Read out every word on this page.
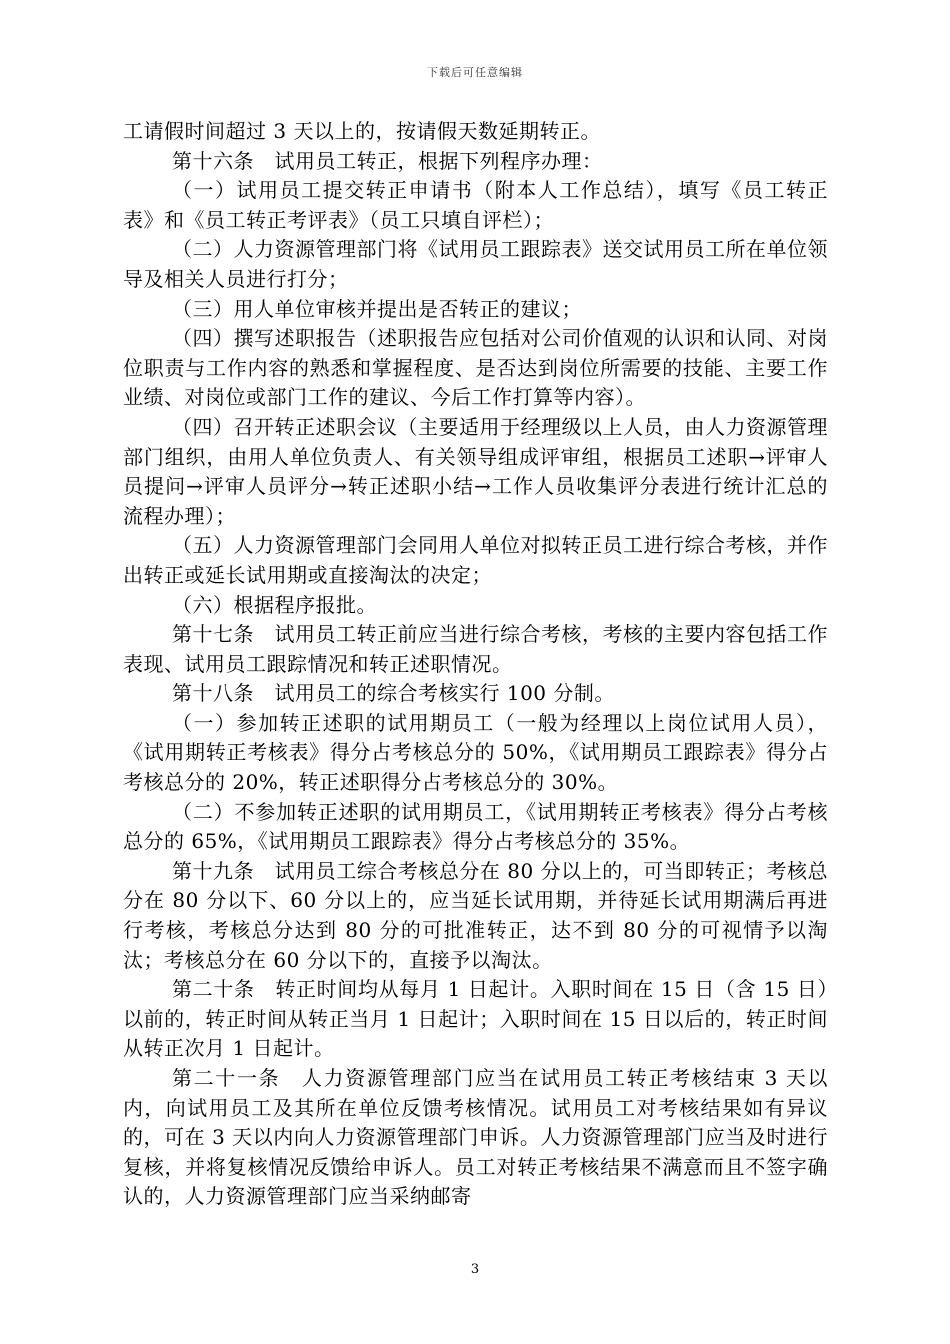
下载后可任意编辑

工请假时间超过 3 天以上的，按请假天数延期转正。

第十六条　试用员工转正，根据下列程序办理：

（一）试用员工提交转正申请书（附本人工作总结），填写《员工转正表》和《员工转正考评表》（员工只填自评栏）；

（二）人力资源管理部门将《试用员工跟踪表》送交试用员工所在单位领导及相关人员进行打分；

（三）用人单位审核并提出是否转正的建议；

（四）撰写述职报告（述职报告应包括对公司价值观的认识和认同、对岗位职责与工作内容的熟悉和掌握程度、是否达到岗位所需要的技能、主要工作业绩、对岗位或部门工作的建议、今后工作打算等内容）。

（四）召开转正述职会议（主要适用于经理级以上人员，由人力资源管理部门组织，由用人单位负责人、有关领导组成评审组，根据员工述职→评审人员提问→评审人员评分→转正述职小结→工作人员收集评分表进行统计汇总的流程办理）；

（五）人力资源管理部门会同用人单位对拟转正员工进行综合考核，并作出转正或延长试用期或直接淘汰的决定；

（六）根据程序报批。

第十七条　试用员工转正前应当进行综合考核，考核的主要内容包括工作表现、试用员工跟踪情况和转正述职情况。

第十八条　试用员工的综合考核实行 100 分制。

（一）参加转正述职的试用期员工（一般为经理以上岗位试用人员），《试用期转正考核表》得分占考核总分的 50%，《试用期员工跟踪表》得分占考核总分的 20%，转正述职得分占考核总分的 30%。

（二）不参加转正述职的试用期员工，《试用期转正考核表》得分占考核总分的 65%，《试用期员工跟踪表》得分占考核总分的 35%。

第十九条　试用员工综合考核总分在 80 分以上的，可当即转正；考核总分在 80 分以下、60 分以上的，应当延长试用期，并待延长试用期满后再进行考核，考核总分达到 80 分的可批准转正，达不到 80 分的可视情予以淘汰；考核总分在 60 分以下的，直接予以淘汰。

第二十条　转正时间均从每月 1 日起计。入职时间在 15 日（含 15 日）以前的，转正时间从转正当月 1 日起计；入职时间在 15 日以后的，转正时间从转正次月 1 日起计。

第二十一条　人力资源管理部门应当在试用员工转正考核结束 3 天以内，向试用员工及其所在单位反馈考核情况。试用员工对考核结果如有异议的，可在 3 天以内向人力资源管理部门申诉。人力资源管理部门应当及时进行复核，并将复核情况反馈给申诉人。员工对转正考核结果不满意而且不签字确认的，人力资源管理部门应当采纳邮寄

3
